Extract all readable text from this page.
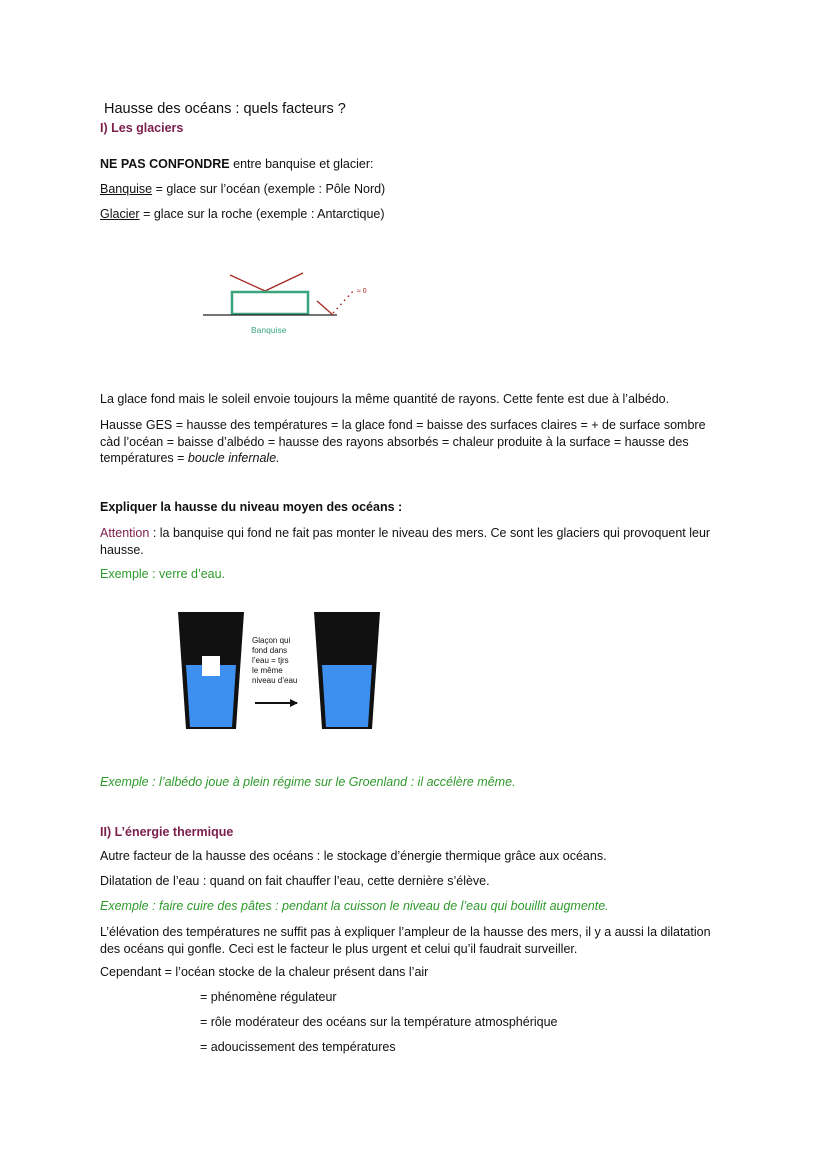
Hausse des océans : quels facteurs ?
I) Les glaciers
NE PAS CONFONDRE entre banquise et glacier:
Banquise = glace sur l’océan (exemple : Pôle Nord)
Glacier = glace sur la roche (exemple : Antarctique)
≈ 0
Banquise
La glace fond mais le soleil envoie toujours la même quantité de rayons. Cette fente est due à l’albédo.
Hausse GES = hausse des températures = la glace fond = baisse des surfaces claires = + de surface sombre càd l’océan = baisse d’albédo = hausse des rayons absorbés = chaleur produite à la surface = hausse des températures = boucle infernale.
Expliquer la hausse du niveau moyen des océans :
Attention : la banquise qui fond ne fait pas monter le niveau des mers. Ce sont les glaciers qui provoquent leur hausse.
Exemple : verre d’eau.
Glaçon qui fond dans l’eau = tjrs le même niveau d’eau
Exemple : l’albédo joue à plein régime sur le Groenland : il accélère même.
II) L’énergie thermique
Autre facteur de la hausse des océans : le stockage d’énergie thermique grâce aux océans.
Dilatation de l’eau : quand on fait chauffer l’eau, cette dernière s’élève.
Exemple : faire cuire des pâtes : pendant la cuisson le niveau de l’eau qui bouillit augmente.
L’élévation des températures ne suffit pas à expliquer l’ampleur de la hausse des mers, il y a aussi la dilatation des océans qui gonfle. Ceci est le facteur le plus urgent et celui qu’il faudrait surveiller.
Cependant = l’océan stocke de la chaleur présent dans l’air
= phénomène régulateur
= rôle modérateur des océans sur la température atmosphérique
= adoucissement des températures
